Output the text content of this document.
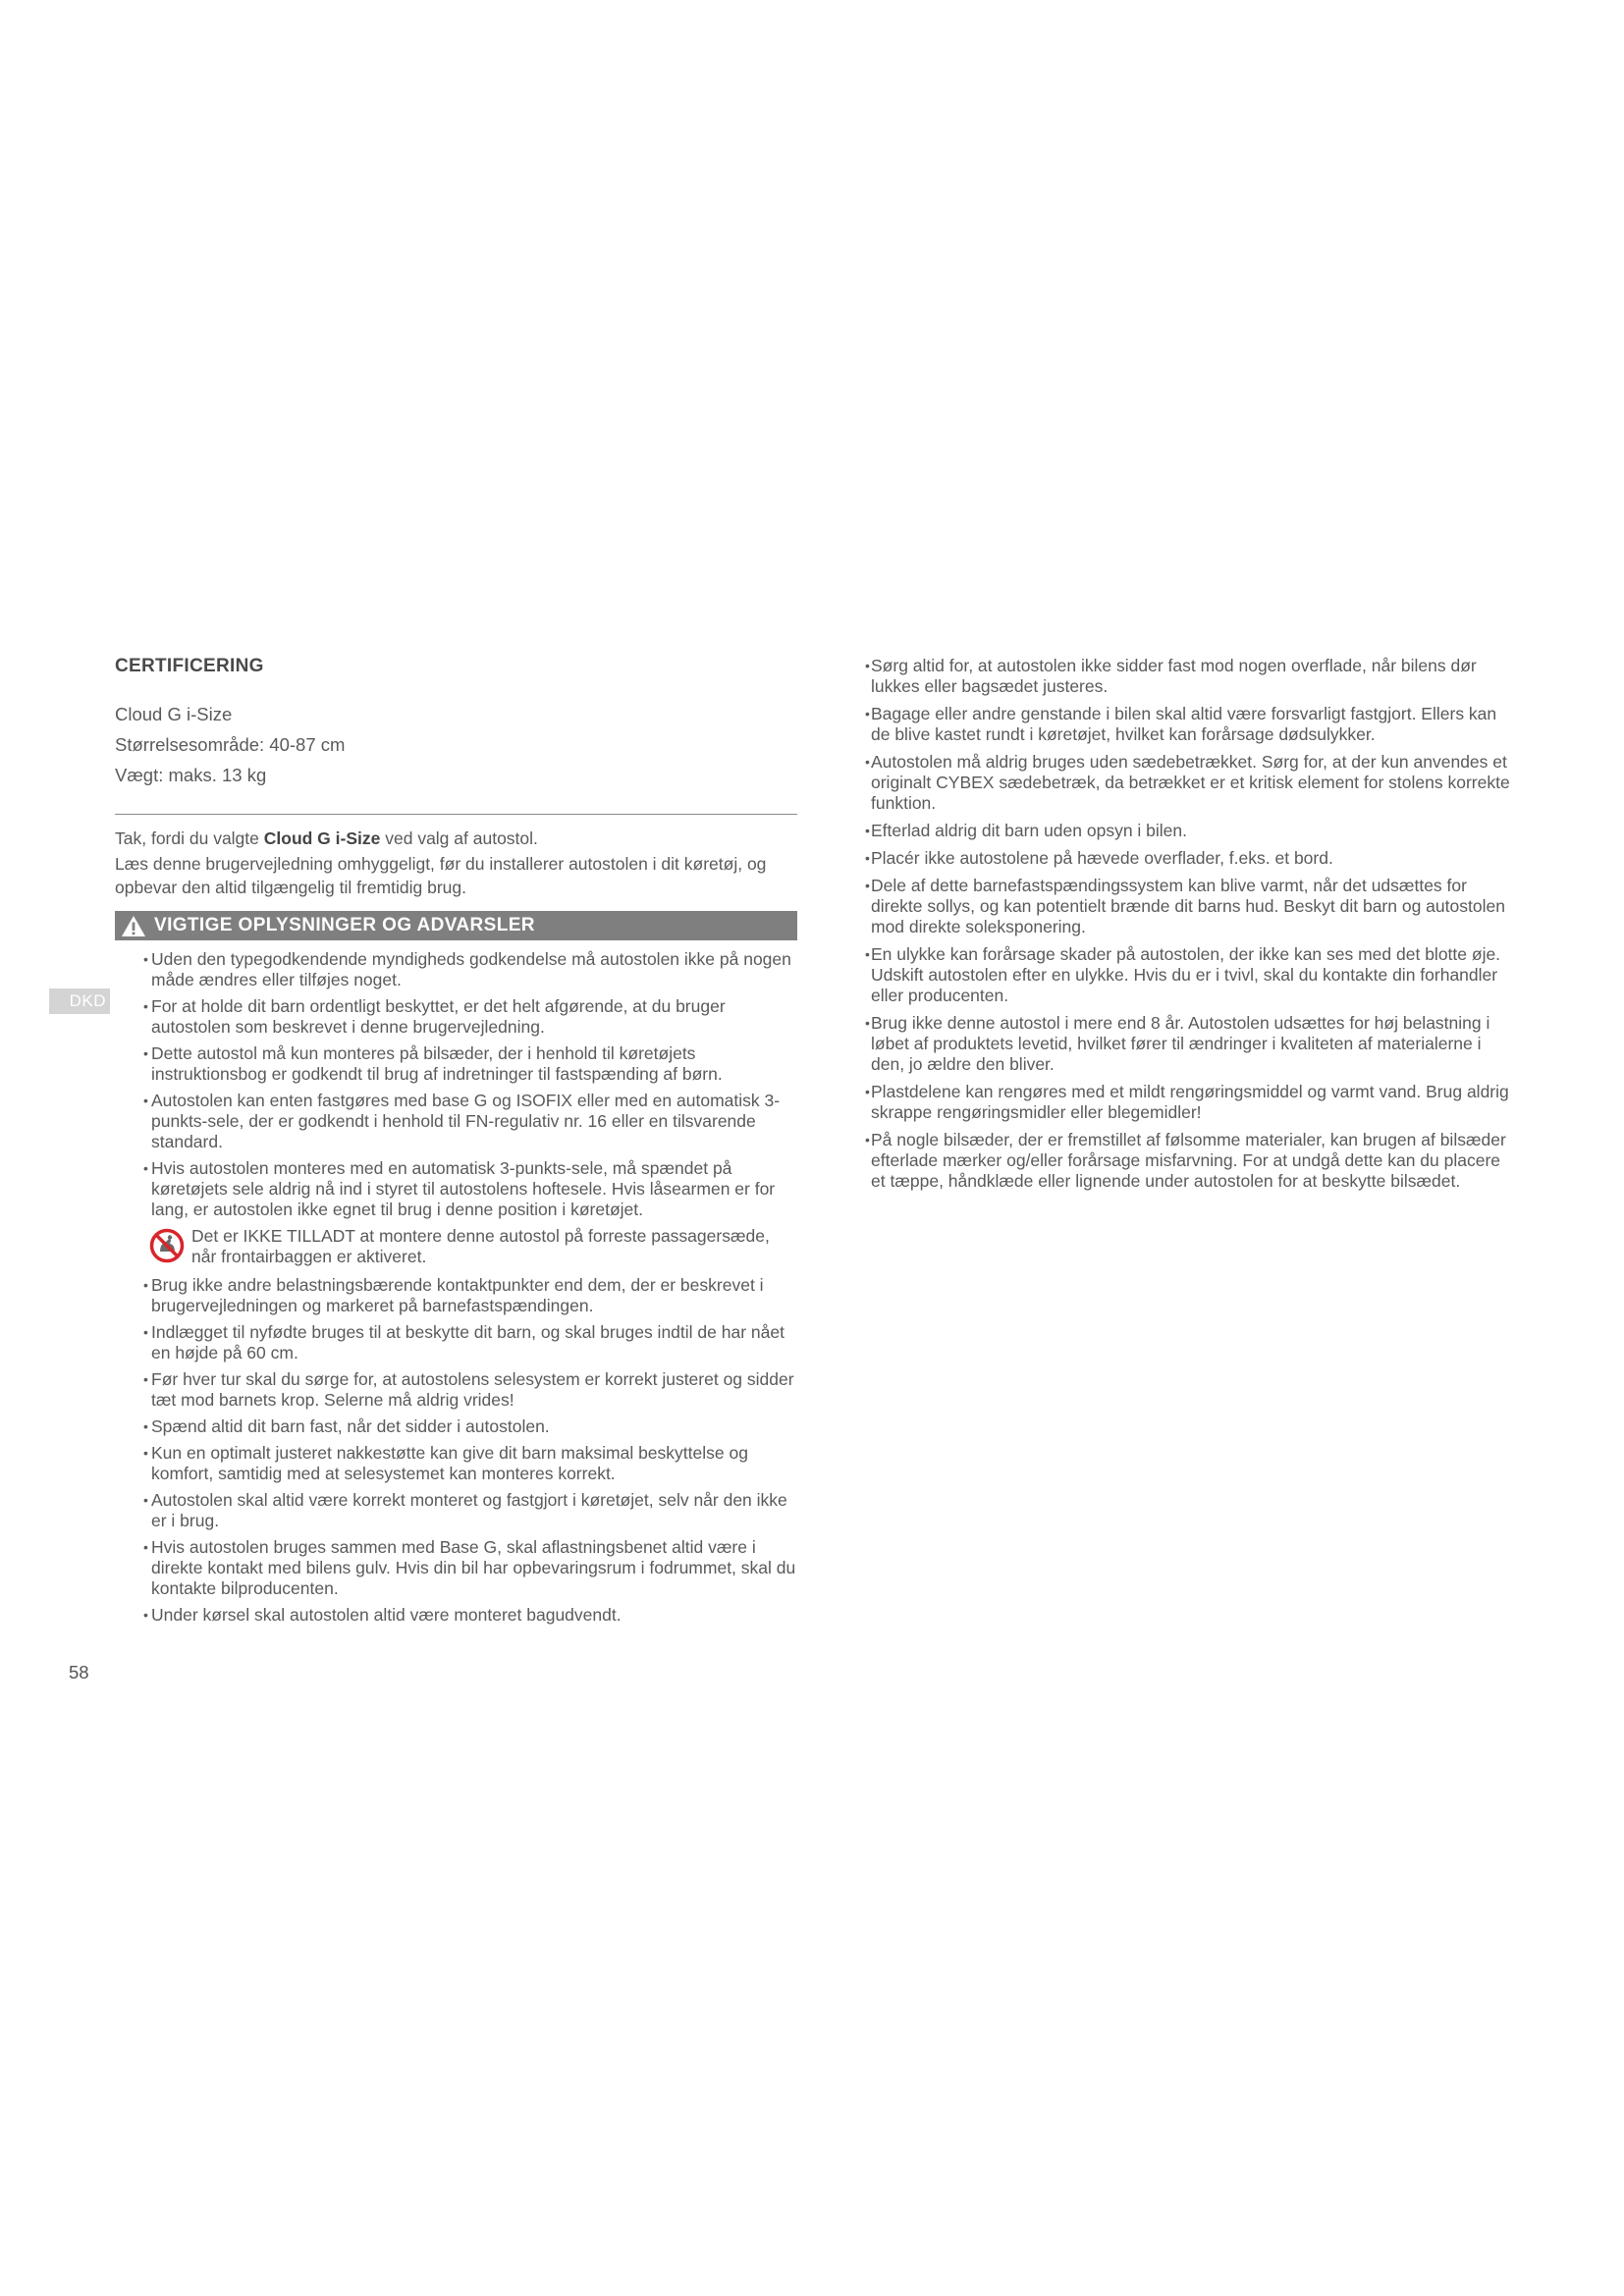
DKD
CERTIFICERING
Cloud G i-Size
Størrelsesområde: 40-87 cm
Vægt: maks. 13 kg

Tak, fordi du valgte Cloud G i-Size ved valg af autostol.

Læs denne brugervejledning omhyggeligt, før du installerer autostolen i dit køretøj, og opbevar den altid tilgængelig til fremtidig brug.

VIGTIGE OPLYSNINGER OG ADVARSLER
• Uden den typegodkendende myndigheds godkendelse må autostolen ikke på nogen måde ændres eller tilføjes noget.
• For at holde dit barn ordentligt beskyttet, er det helt afgørende, at du bruger autostolen som beskrevet i denne brugervejledning.
• Dette autostol må kun monteres på bilsæder, der i henhold til køretøjets instruktionsbog er godkendt til brug af indretninger til fastspænding af børn.
• Autostolen kan enten fastgøres med base G og ISOFIX eller med en automatisk 3-punkts-sele, der er godkendt i henhold til FN-regulativ nr. 16 eller en tilsvarende standard.
• Hvis autostolen monteres med en automatisk 3-punkts-sele, må spændet på køretøjets sele aldrig nå ind i styret til autostolens hoftesele. Hvis låsearmen er for lang, er autostolen ikke egnet til brug i denne position i køretøjet.
Det er IKKE TILLADT at montere denne autostol på forreste passagersæde, når frontairbaggen er aktiveret.
• Brug ikke andre belastningsbærende kontaktpunkter end dem, der er beskrevet i brugervejledningen og markeret på barnefastspændingen.
• Indlægget til nyfødte bruges til at beskytte dit barn, og skal bruges indtil de har nået en højde på 60 cm.
• Før hver tur skal du sørge for, at autostolens selesystem er korrekt justeret og sidder tæt mod barnets krop. Selerne må aldrig vrides!
• Spænd altid dit barn fast, når det sidder i autostolen.
• Kun en optimalt justeret nakkestøtte kan give dit barn maksimal beskyttelse og komfort, samtidig med at selesystemet kan monteres korrekt.
• Autostolen skal altid være korrekt monteret og fastgjort i køretøjet, selv når den ikke er i brug.
• Hvis autostolen bruges sammen med Base G, skal aflastningsbenet altid være i direkte kontakt med bilens gulv. Hvis din bil har opbevaringsrum i fodrummet, skal du kontakte bilproducenten.
• Under kørsel skal autostolen altid være monteret bagudvendt.
• Sørg altid for, at autostolen ikke sidder fast mod nogen overflade, når bilens dør lukkes eller bagsædet justeres.
• Bagage eller andre genstande i bilen skal altid være forsvarligt fastgjort. Ellers kan de blive kastet rundt i køretøjet, hvilket kan forårsage dødsulykker.
• Autostolen må aldrig bruges uden sædebetrækket. Sørg for, at der kun anvendes et originalt CYBEX sædebetræk, da betrækket er et kritisk element for stolens korrekte funktion.
• Efterlad aldrig dit barn uden opsyn i bilen.
• Placér ikke autostolene på hævede overflader, f.eks. et bord.
• Dele af dette barnefastspændingssystem kan blive varmt, når det udsættes for direkte sollys, og kan potentielt brænde dit barns hud. Beskyt dit barn og autostolen mod direkte soleksponering.
• En ulykke kan forårsage skader på autostolen, der ikke kan ses med det blotte øje. Udskift autostolen efter en ulykke. Hvis du er i tvivl, skal du kontakte din forhandler eller producenten.
• Brug ikke denne autostol i mere end 8 år. Autostolen udsættes for høj belastning i løbet af produktets levetid, hvilket fører til ændringer i kvaliteten af materialerne i den, jo ældre den bliver.
• Plastdelene kan rengøres med et mildt rengøringsmiddel og varmt vand. Brug aldrig skrappe rengøringsmidler eller blegemidler!
• På nogle bilsæder, der er fremstillet af følsomme materialer, kan brugen af bilsæder efterlade mærker og/eller forårsage misfarvning. For at undgå dette kan du placere et tæppe, håndklæde eller lignende under autostolen for at beskytte bilsædet.
58
